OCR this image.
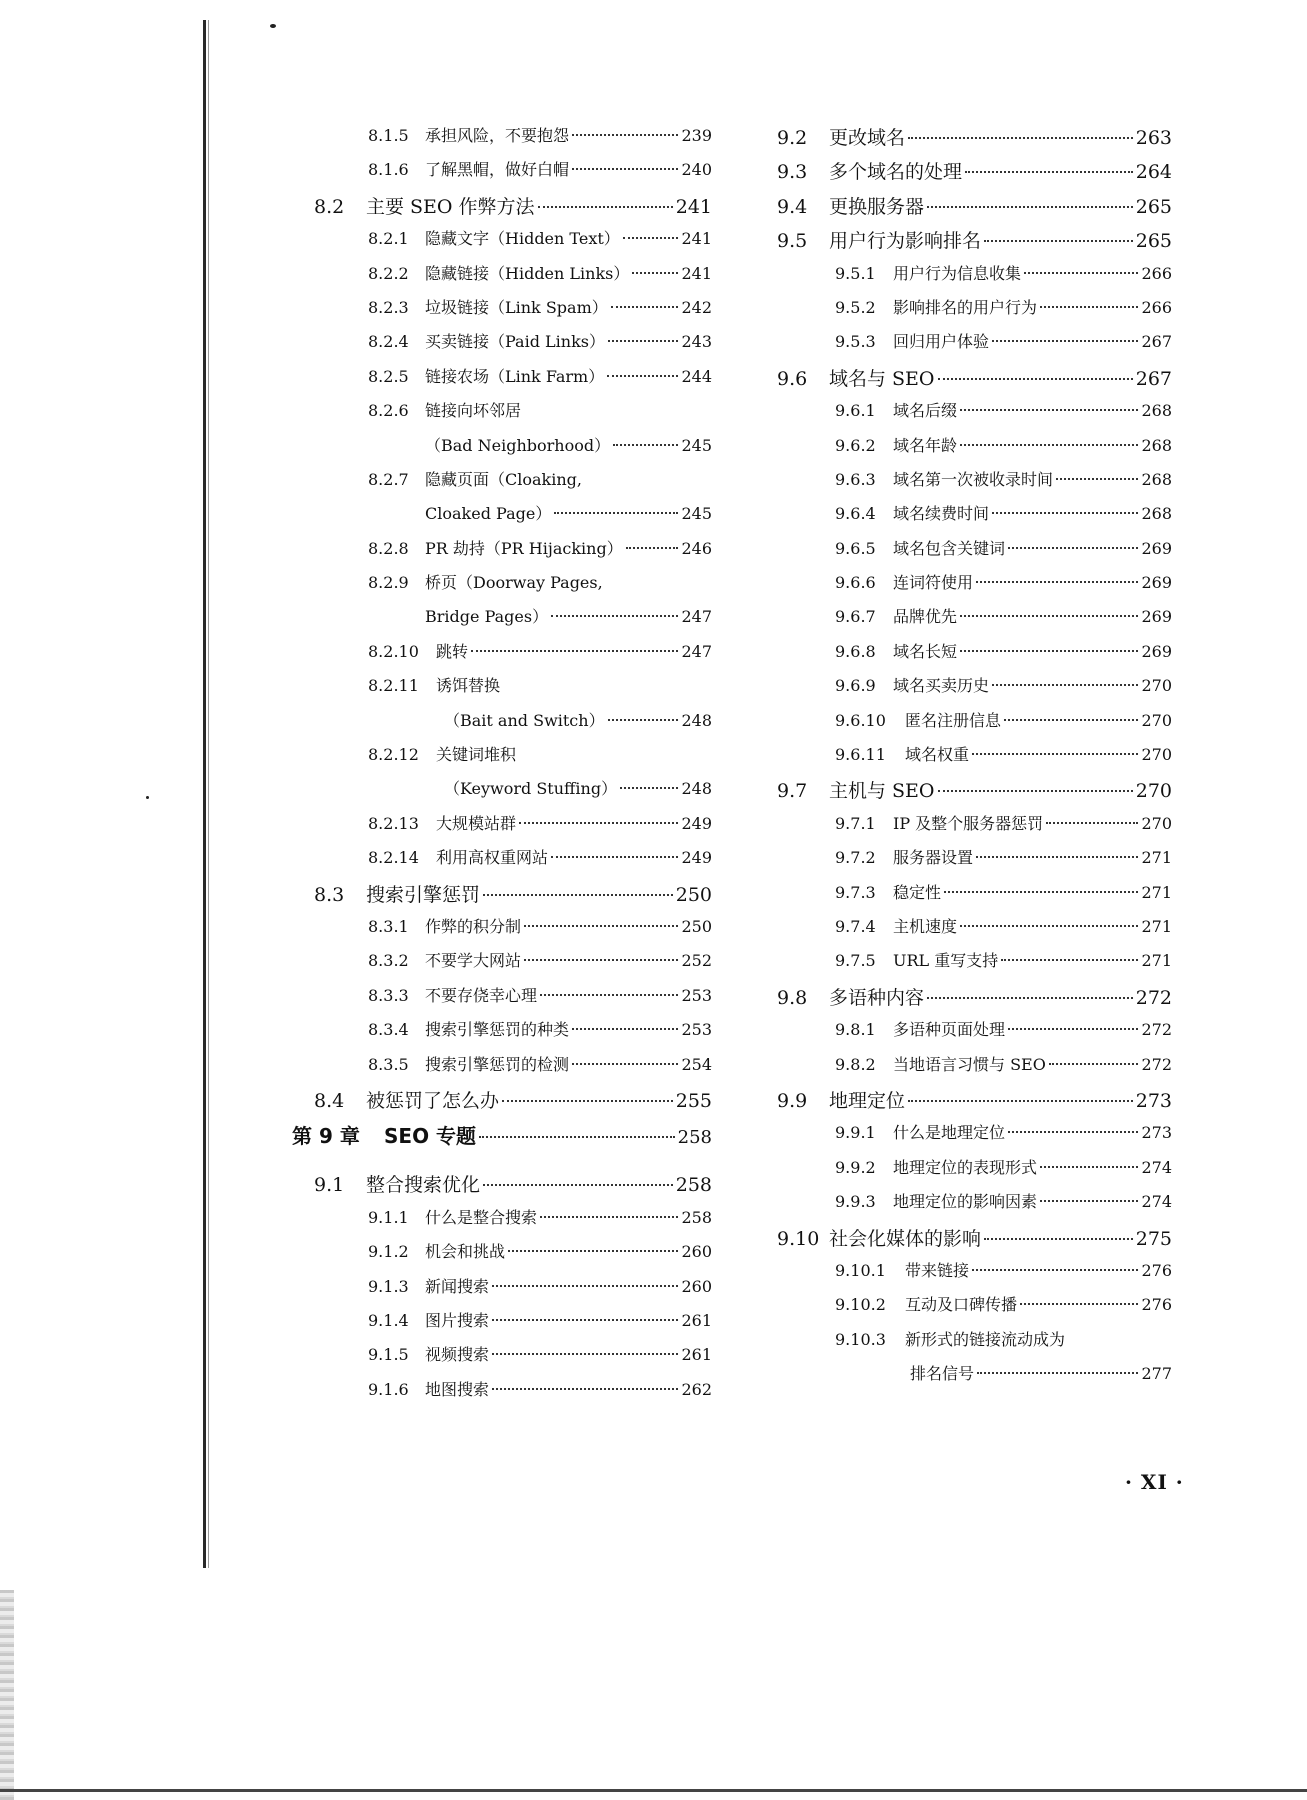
8.1.5	承担风险，不要抱怨	239
8.1.6	了解黑帽，做好白帽	240
8.2	主要 SEO 作弊方法	241
8.2.1	隐藏文字（Hidden Text）	241
8.2.2	隐藏链接（Hidden Links）	241
8.2.3	垃圾链接（Link Spam）	242
8.2.4	买卖链接（Paid Links）	243
8.2.5	链接农场（Link Farm）	244
8.2.6	链接向坏邻居
（Bad Neighborhood）	245
8.2.7	隐藏页面（Cloaking,
Cloaked Page）	245
8.2.8	PR 劫持（PR Hijacking）	246
8.2.9	桥页（Doorway Pages,
Bridge Pages）	247
8.2.10	跳转	247
8.2.11	诱饵替换
（Bait and Switch）	248
8.2.12	关键词堆积
（Keyword Stuffing）	248
8.2.13	大规模站群	249
8.2.14	利用高权重网站	249
8.3	搜索引擎惩罚	250
8.3.1	作弊的积分制	250
8.3.2	不要学大网站	252
8.3.3	不要存侥幸心理	253
8.3.4	搜索引擎惩罚的种类	253
8.3.5	搜索引擎惩罚的检测	254
8.4	被惩罚了怎么办	255
第 9 章	SEO 专题	258
9.1	整合搜索优化	258
9.1.1	什么是整合搜索	258
9.1.2	机会和挑战	260
9.1.3	新闻搜索	260
9.1.4	图片搜索	261
9.1.5	视频搜索	261
9.1.6	地图搜索	262
9.2	更改域名	263
9.3	多个域名的处理	264
9.4	更换服务器	265
9.5	用户行为影响排名	265
9.5.1	用户行为信息收集	266
9.5.2	影响排名的用户行为	266
9.5.3	回归用户体验	267
9.6	域名与 SEO	267
9.6.1	域名后缀	268
9.6.2	域名年龄	268
9.6.3	域名第一次被收录时间	268
9.6.4	域名续费时间	268
9.6.5	域名包含关键词	269
9.6.6	连词符使用	269
9.6.7	品牌优先	269
9.6.8	域名长短	269
9.6.9	域名买卖历史	270
9.6.10	匿名注册信息	270
9.6.11	域名权重	270
9.7	主机与 SEO	270
9.7.1	IP 及整个服务器惩罚	270
9.7.2	服务器设置	271
9.7.3	稳定性	271
9.7.4	主机速度	271
9.7.5	URL 重写支持	271
9.8	多语种内容	272
9.8.1	多语种页面处理	272
9.8.2	当地语言习惯与 SEO	272
9.9	地理定位	273
9.9.1	什么是地理定位	273
9.9.2	地理定位的表现形式	274
9.9.3	地理定位的影响因素	274
9.10 社会化媒体的影响	275
9.10.1	带来链接	276
9.10.2	互动及口碑传播	276
9.10.3	新形式的链接流动成为
排名信号	277
· XI ·
